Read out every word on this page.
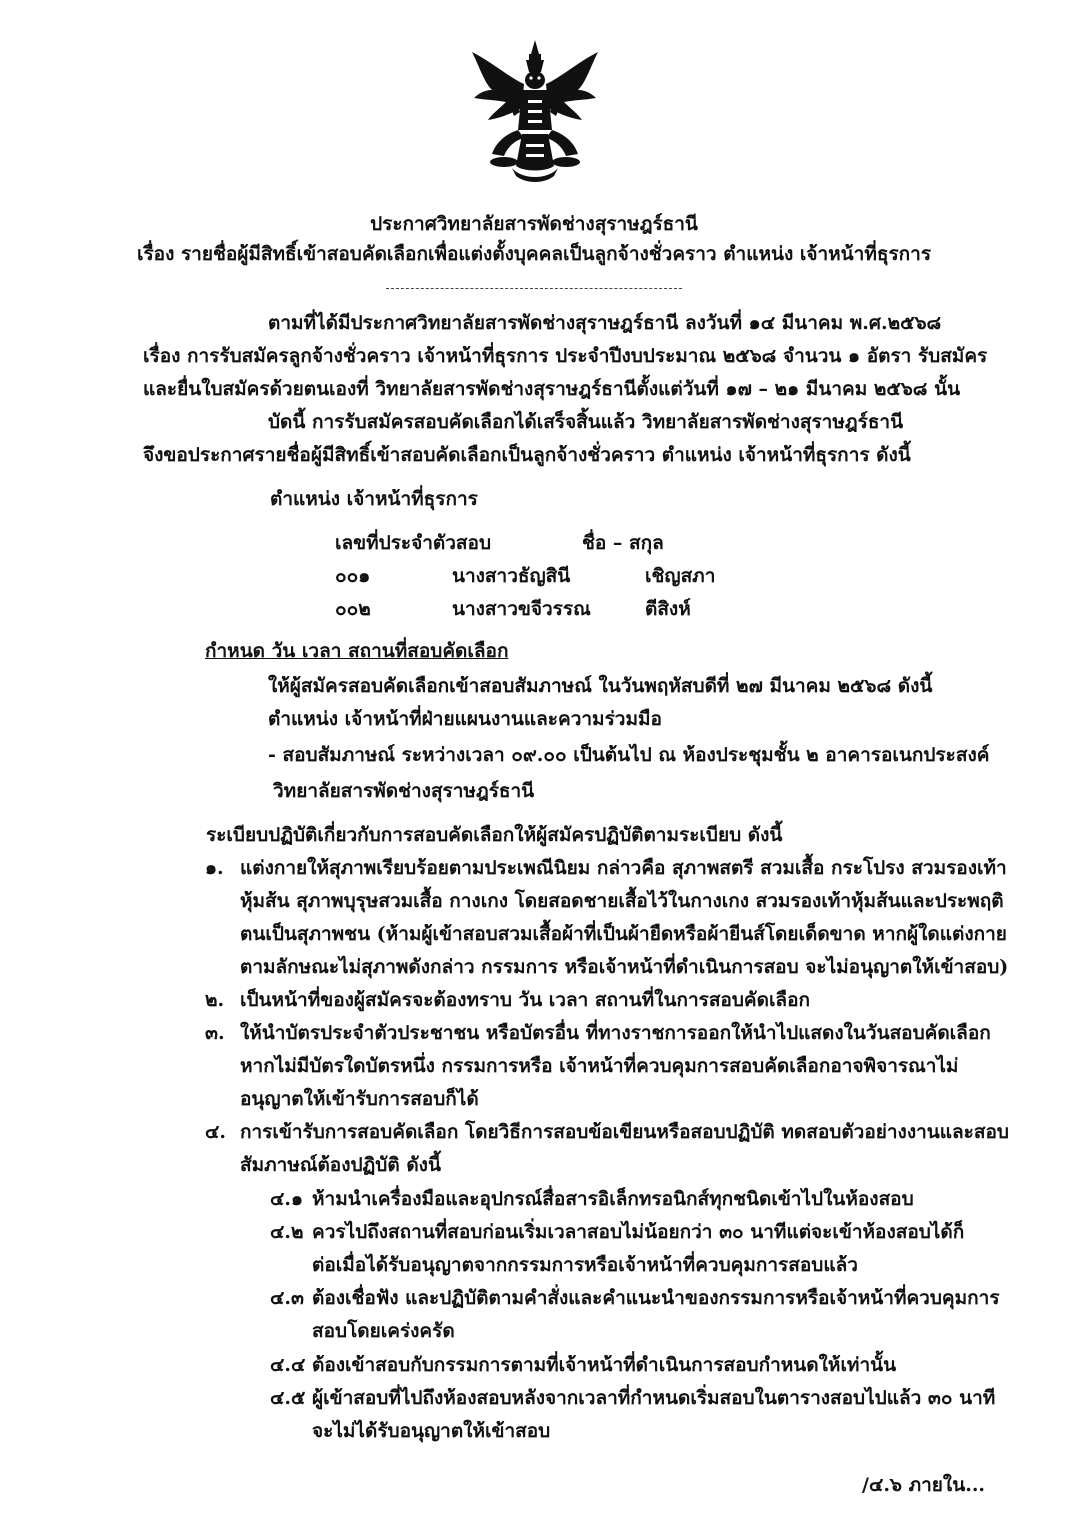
ประกาศวิทยาลัยสารพัดช่างสุราษฎร์ธานี
เรื่อง รายชื่อผู้มีสิทธิ์เข้าสอบคัดเลือกเพื่อแต่งตั้งบุคคลเป็นลูกจ้างชั่วคราว ตำแหน่ง เจ้าหน้าที่ธุรการ
ตามที่ได้มีประกาศวิทยาลัยสารพัดช่างสุราษฎร์ธานี ลงวันที่ ๑๔ มีนาคม พ.ศ.๒๕๖๘
เรื่อง การรับสมัครลูกจ้างชั่วคราว เจ้าหน้าที่ธุรการ ประจำปีงบประมาณ ๒๕๖๘ จำนวน ๑ อัตรา รับสมัคร
และยื่นใบสมัครด้วยตนเองที่ วิทยาลัยสารพัดช่างสุราษฎร์ธานีตั้งแต่วันที่ ๑๗ – ๒๑ มีนาคม ๒๕๖๘ นั้น
บัดนี้ การรับสมัครสอบคัดเลือกได้เสร็จสิ้นแล้ว วิทยาลัยสารพัดช่างสุราษฎร์ธานี
จึงขอประกาศรายชื่อผู้มีสิทธิ์เข้าสอบคัดเลือกเป็นลูกจ้างชั่วคราว ตำแหน่ง เจ้าหน้าที่ธุรการ ดังนี้
ตำแหน่ง เจ้าหน้าที่ธุรการ
เลขที่ประจำตัวสอบ	ชื่อ – สกุล
๐๐๑	นางสาวธัญสินี	เชิญสภา
๐๐๒	นางสาวขจีวรรณ	ตีสิงห์
กำหนด วัน เวลา สถานที่สอบคัดเลือก
ให้ผู้สมัครสอบคัดเลือกเข้าสอบสัมภาษณ์ ในวันพฤหัสบดีที่ ๒๗ มีนาคม ๒๕๖๘ ดังนี้
ตำแหน่ง เจ้าหน้าที่ฝ่ายแผนงานและความร่วมมือ
- สอบสัมภาษณ์ ระหว่างเวลา ๐๙.๐๐ เป็นต้นไป ณ ห้องประชุมชั้น ๒ อาคารอเนกประสงค์
วิทยาลัยสารพัดช่างสุราษฎร์ธานี
ระเบียบปฏิบัติเกี่ยวกับการสอบคัดเลือกให้ผู้สมัครปฏิบัติตามระเบียบ ดังนี้
๑. แต่งกายให้สุภาพเรียบร้อยตามประเพณีนิยม กล่าวคือ สุภาพสตรี สวมเสื้อ กระโปรง สวมรองเท้า
หุ้มส้น สุภาพบุรุษสวมเสื้อ กางเกง โดยสอดชายเสื้อไว้ในกางเกง สวมรองเท้าหุ้มส้นและประพฤติ
ตนเป็นสุภาพชน (ห้ามผู้เข้าสอบสวมเสื้อผ้าที่เป็นผ้ายืดหรือผ้ายีนส์โดยเด็ดขาด หากผู้ใดแต่งกาย
ตามลักษณะไม่สุภาพดังกล่าว กรรมการ หรือเจ้าหน้าที่ดำเนินการสอบ จะไม่อนุญาตให้เข้าสอบ)
๒. เป็นหน้าที่ของผู้สมัครจะต้องทราบ วัน เวลา สถานที่ในการสอบคัดเลือก
๓. ให้นำบัตรประจำตัวประชาชน หรือบัตรอื่น ที่ทางราชการออกให้นำไปแสดงในวันสอบคัดเลือก
หากไม่มีบัตรใดบัตรหนึ่ง กรรมการหรือ เจ้าหน้าที่ควบคุมการสอบคัดเลือกอาจพิจารณาไม่
อนุญาตให้เข้ารับการสอบก็ได้
๔. การเข้ารับการสอบคัดเลือก โดยวิธีการสอบข้อเขียนหรือสอบปฏิบัติ ทดสอบตัวอย่างงานและสอบ
สัมภาษณ์ต้องปฏิบัติ ดังนี้
๔.๑ ห้ามนำเครื่องมือและอุปกรณ์สื่อสารอิเล็กทรอนิกส์ทุกชนิดเข้าไปในห้องสอบ
๔.๒ ควรไปถึงสถานที่สอบก่อนเริ่มเวลาสอบไม่น้อยกว่า ๓๐ นาทีแต่จะเข้าห้องสอบได้ก็
ต่อเมื่อได้รับอนุญาตจากกรรมการหรือเจ้าหน้าที่ควบคุมการสอบแล้ว
๔.๓ ต้องเชื่อฟัง และปฏิบัติตามคำสั่งและคำแนะนำของกรรมการหรือเจ้าหน้าที่ควบคุมการ
สอบโดยเคร่งครัด
๔.๔ ต้องเข้าสอบกับกรรมการตามที่เจ้าหน้าที่ดำเนินการสอบกำหนดให้เท่านั้น
๔.๕ ผู้เข้าสอบที่ไปถึงห้องสอบหลังจากเวลาที่กำหนดเริ่มสอบในตารางสอบไปแล้ว ๓๐ นาที
จะไม่ได้รับอนุญาตให้เข้าสอบ
/๔.๖ ภายใน...
